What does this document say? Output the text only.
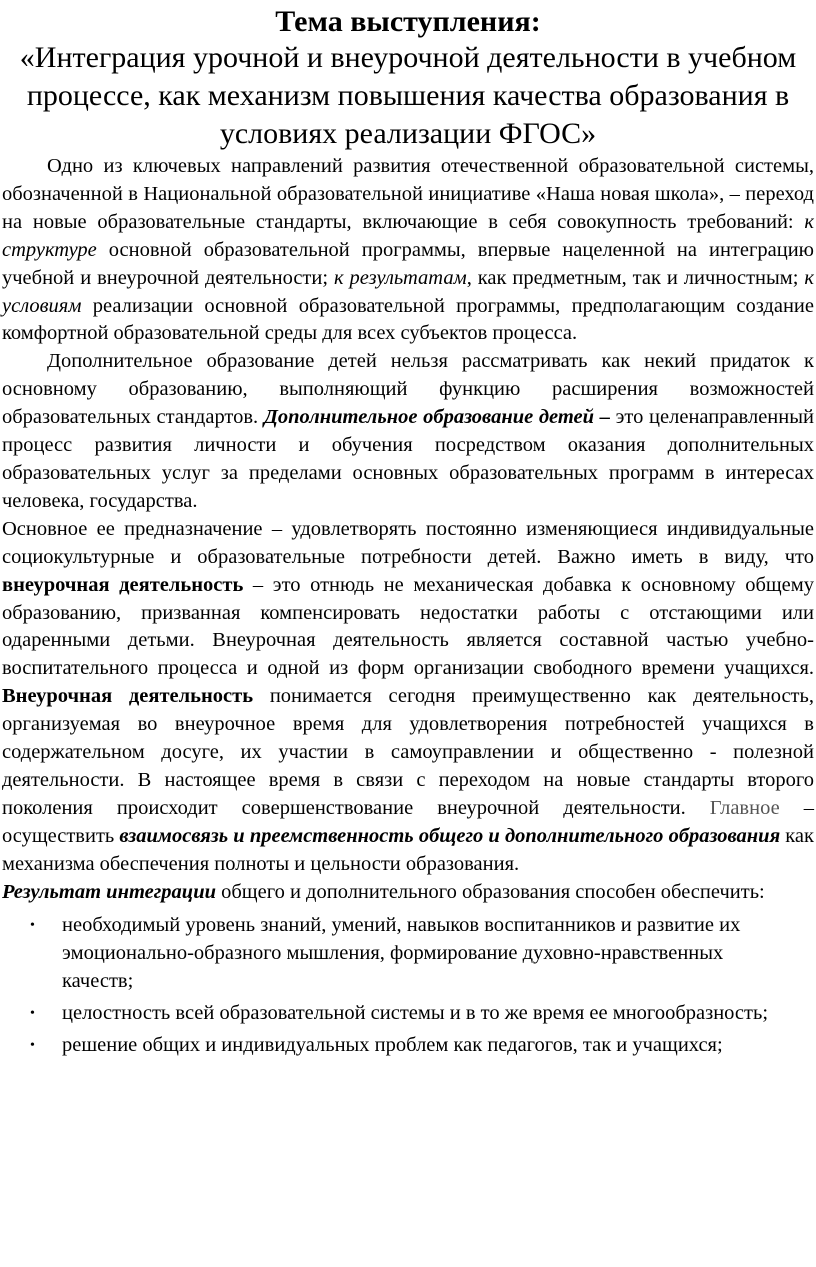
Тема выступления:

«Интеграция урочной и внеурочной деятельности в учебном процессе, как механизм повышения качества образования в условиях реализации ФГОС»

Одно из ключевых направлений развития отечественной образовательной системы, обозначенной в Национальной образовательной инициативе «Наша новая школа», – переход на новые образовательные стандарты, включающие в себя совокупность требований: к структуре основной образовательной программы, впервые нацеленной на интеграцию учебной и внеурочной деятельности; к результатам, как предметным, так и личностным; к условиям реализации основной образовательной программы, предполагающим создание комфортной образовательной среды для всех субъектов процесса.

Дополнительное образование детей нельзя рассматривать как некий придаток к основному образованию, выполняющий функцию расширения возможностей образовательных стандартов. Дополнительное образование детей – это целенаправленный процесс развития личности и обучения посредством оказания дополнительных образовательных услуг за пределами основных образовательных программ в интересах человека, государства.

Основное ее предназначение – удовлетворять постоянно изменяющиеся индивидуальные социокультурные и образовательные потребности детей. Важно иметь в виду, что внеурочная деятельность – это отнюдь не механическая добавка к основному общему образованию, призванная компенсировать недостатки работы с отстающими или одаренными детьми. Внеурочная деятельность является составной частью учебно-воспитательного процесса и одной из форм организации свободного времени учащихся. Внеурочная деятельность понимается сегодня преимущественно как деятельность, организуемая во внеурочное время для удовлетворения потребностей учащихся в содержательном досуге, их участии в самоуправлении и общественно - полезной деятельности. В настоящее время в связи с переходом на новые стандарты второго поколения происходит совершенствование внеурочной деятельности. Главное – осуществить взаимосвязь и преемственность общего и дополнительного образования как механизма обеспечения полноты и цельности образования.

Результат интеграции общего и дополнительного образования способен обеспечить:

• необходимый уровень знаний, умений, навыков воспитанников и развитие их эмоционально-образного мышления, формирование духовно-нравственных качеств;
• целостность всей образовательной системы и в то же время ее многообразность;
• решение общих и индивидуальных проблем как педагогов, так и учащихся;
